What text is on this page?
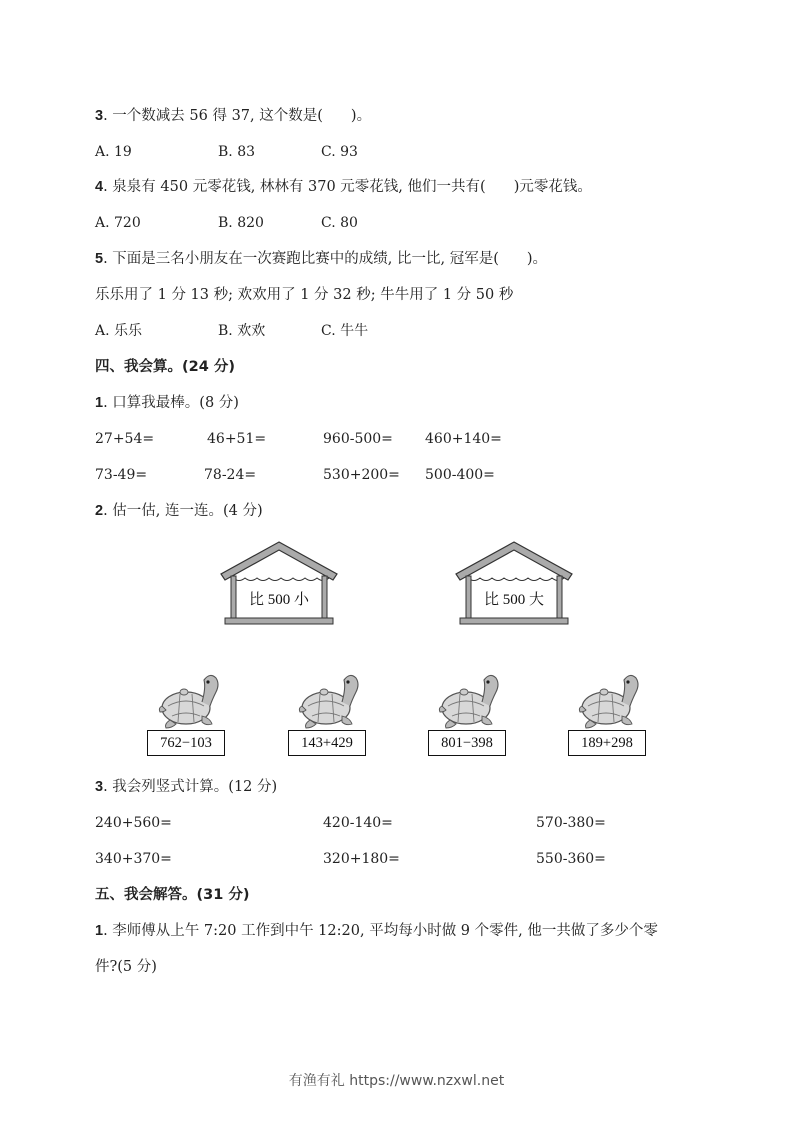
3. 一个数减去 56 得 37, 这个数是( )。
A. 19	B. 83	C. 93
4. 泉泉有 450 元零花钱, 林林有 370 元零花钱, 他们一共有( )元零花钱。
A. 720	B. 820	C. 80
5. 下面是三名小朋友在一次赛跑比赛中的成绩, 比一比, 冠军是( )。
乐乐用了 1 分 13 秒; 欢欢用了 1 分 32 秒; 牛牛用了 1 分 50 秒
A. 乐乐	B. 欢欢	C. 牛牛
四、我会算。(24 分)
1. 口算我最棒。(8 分)
27+54=	46+51=	960-500= 460+140=
73-49=	78-24=	530+200= 500-400=
2. 估一估, 连一连。(4 分)
比 500 小	比 500 大
762−103	143+429	801−398	189+298
3. 我会列竖式计算。(12 分)
240+560=	420-140=	570-380=
340+370=	320+180=	550-360=
五、我会解答。(31 分)
1. 李师傅从上午 7:20 工作到中午 12:20, 平均每小时做 9 个零件, 他一共做了多少个零
件?(5 分)
有渔有礼 https://www.nzxwl.net
